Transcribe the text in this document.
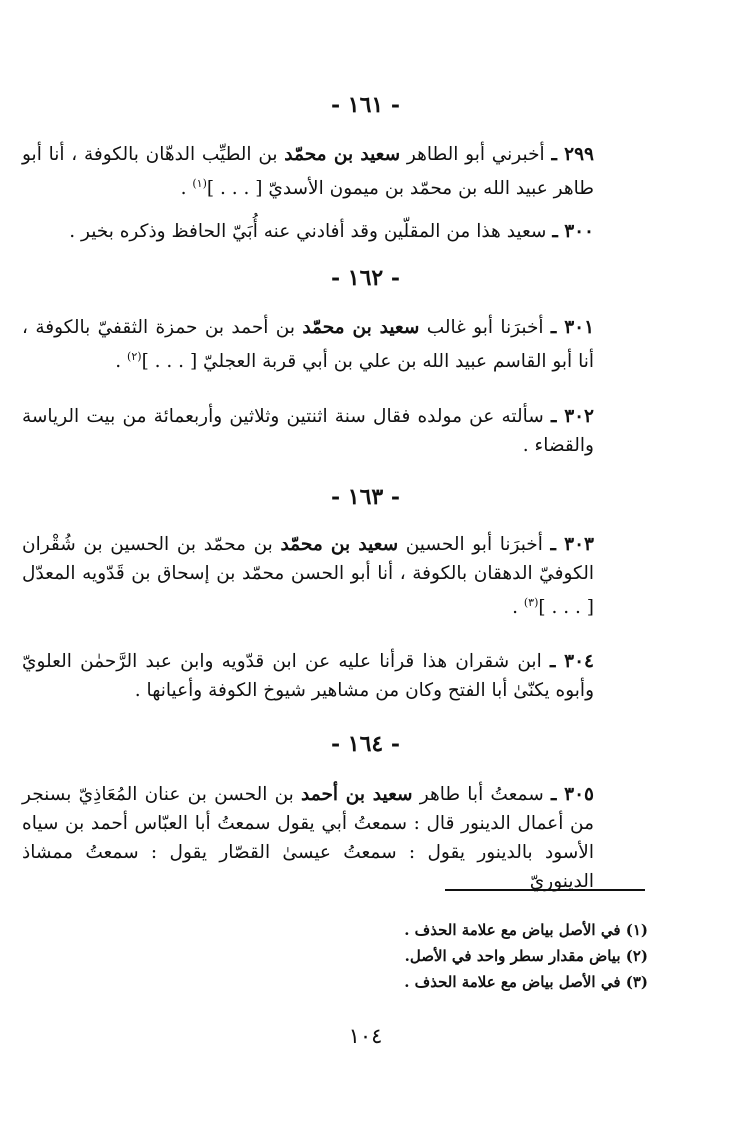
- ١٦١ -
٢٩٩ ـ أخبرني أبو الطاهر سعيد بن محمّد بن الطيِّب الدهّان بالكوفة ، أنا أبو طاهر عبيد الله بن محمّد بن ميمون الأسديّ [ . . . ]$^{(١)}$ .
٣٠٠ ـ سعيد هذا من المقلّين وقد أفادني عنه أُبَيّ الحافظ وذكره بخير .
- ١٦٢ -
٣٠١ ـ أخبرَنا أبو غالب سعيد بن محمّد بن أحمد بن حمزة الثقفيّ بالكوفة ، أنا أبو القاسم عبيد الله بن علي بن أبي قربة العجليّ [ . . . ]$^{(٢)}$ .
٣٠٢ ـ سألته عن مولده فقال سنة اثنتين وثلاثين وأربعمائة من بيت الرياسة والقضاء .
- ١٦٣ -
٣٠٣ ـ أخبرَنا أبو الحسين سعيد بن محمّد بن محمّد بن الحسين بن شُقْران الكوفيّ الدهقان بالكوفة ، أنا أبو الحسن محمّد بن إسحاق بن قَدّويه المعدّل [ . . . ]$^{(٣)}$ .
٣٠٤ ـ ابن شقران هذا قرأنا عليه عن ابن قدّويه وابن عبد الرَّحمٰن العلويّ وأبوه يكنّىٰ أبا الفتح وكان من مشاهير شيوخ الكوفة وأعيانها .
- ١٦٤ -
٣٠٥ ـ سمعتُ أبا طاهر سعيد بن أحمد بن الحسن بن عنان المُعَاذِيّ بسنجر من أعمال الدينور قال : سمعتُ أبي يقول سمعتُ أبا العبّاس أحمد بن سياه الأسود بالدينور يقول : سمعتُ عيسىٰ القصّار يقول : سمعتُ ممشاذ الدينوريّ
(١) في الأصل بياض مع علامة الحذف .
(٢) بياض مقدار سطر واحد في الأصل.
(٣) في الأصل بياض مع علامة الحذف .
١٠٤
